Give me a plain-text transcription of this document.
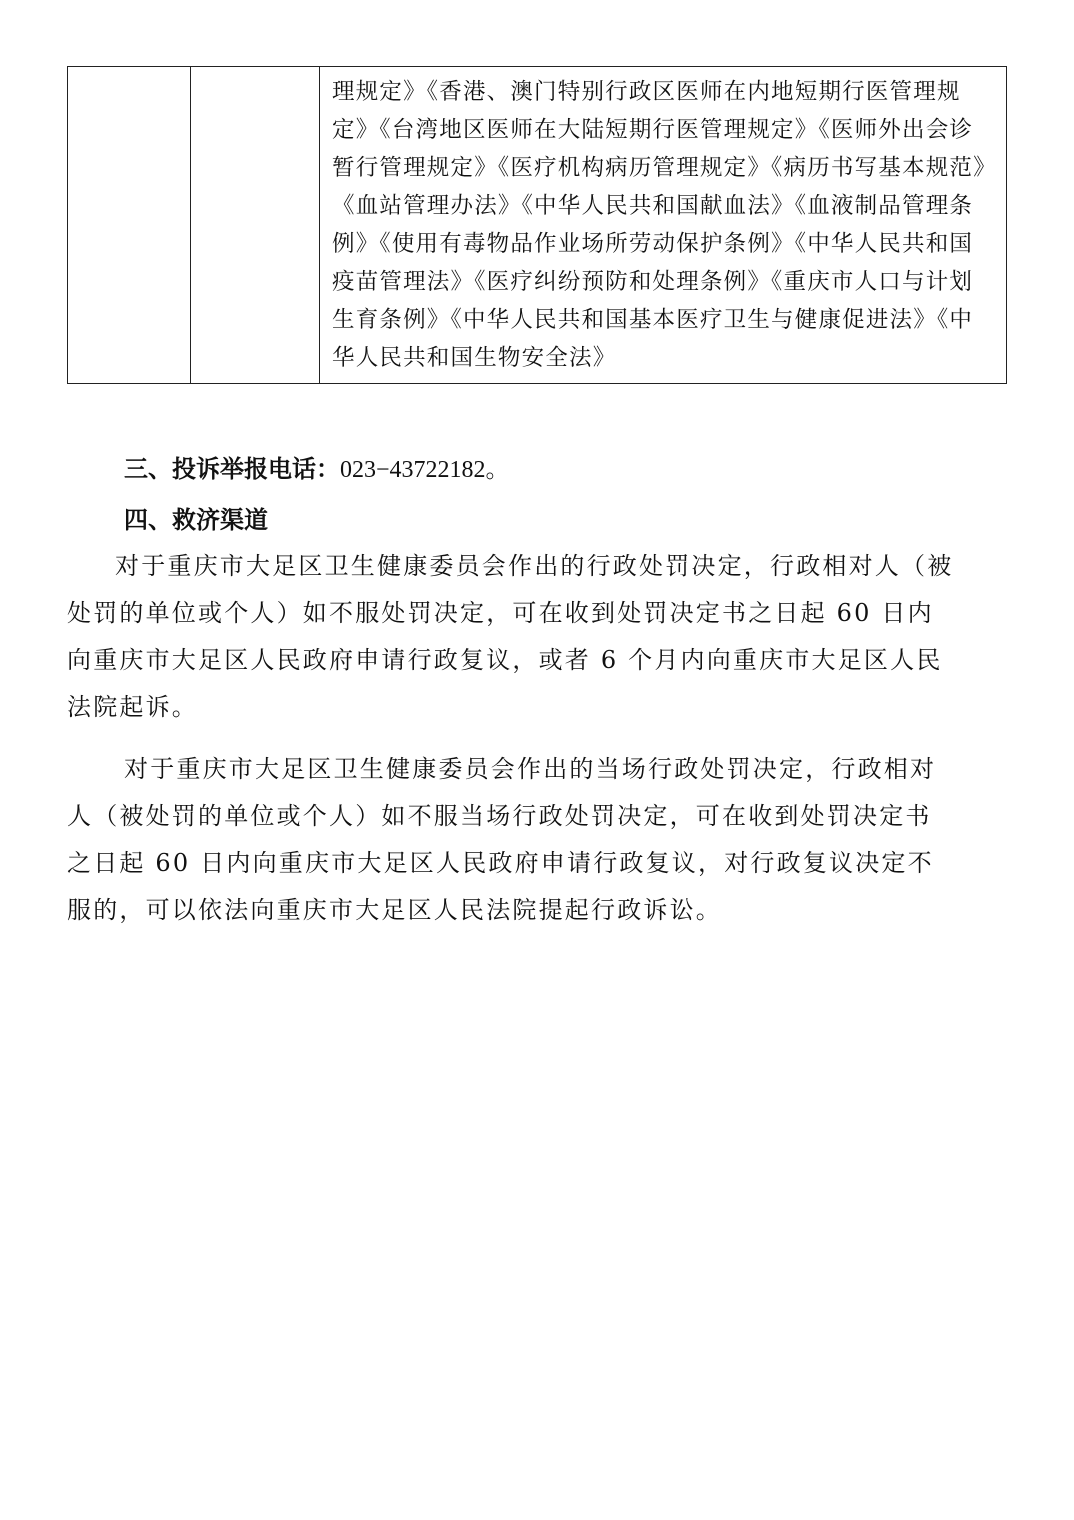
理规定》《香港、澳门特别行政区医师在内地短期行医管理规
定》《台湾地区医师在大陆短期行医管理规定》《医师外出会诊
暂行管理规定》《医疗机构病历管理规定》《病历书写基本规范》
《血站管理办法》《中华人民共和国献血法》《血液制品管理条
例》《使用有毒物品作业场所劳动保护条例》《中华人民共和国
疫苗管理法》《医疗纠纷预防和处理条例》《重庆市人口与计划
生育条例》《中华人民共和国基本医疗卫生与健康促进法》《中
华人民共和国生物安全法》
三、投诉举报电话：023−43722182。
四、救济渠道
对于重庆市大足区卫生健康委员会作出的行政处罚决定，行政相对人（被
处罚的单位或个人）如不服处罚决定，可在收到处罚决定书之日起 60 日内
向重庆市大足区人民政府申请行政复议，或者 6 个月内向重庆市大足区人民
法院起诉。
对于重庆市大足区卫生健康委员会作出的当场行政处罚决定，行政相对
人（被处罚的单位或个人）如不服当场行政处罚决定，可在收到处罚决定书
之日起 60 日内向重庆市大足区人民政府申请行政复议，对行政复议决定不
服的，可以依法向重庆市大足区人民法院提起行政诉讼。
